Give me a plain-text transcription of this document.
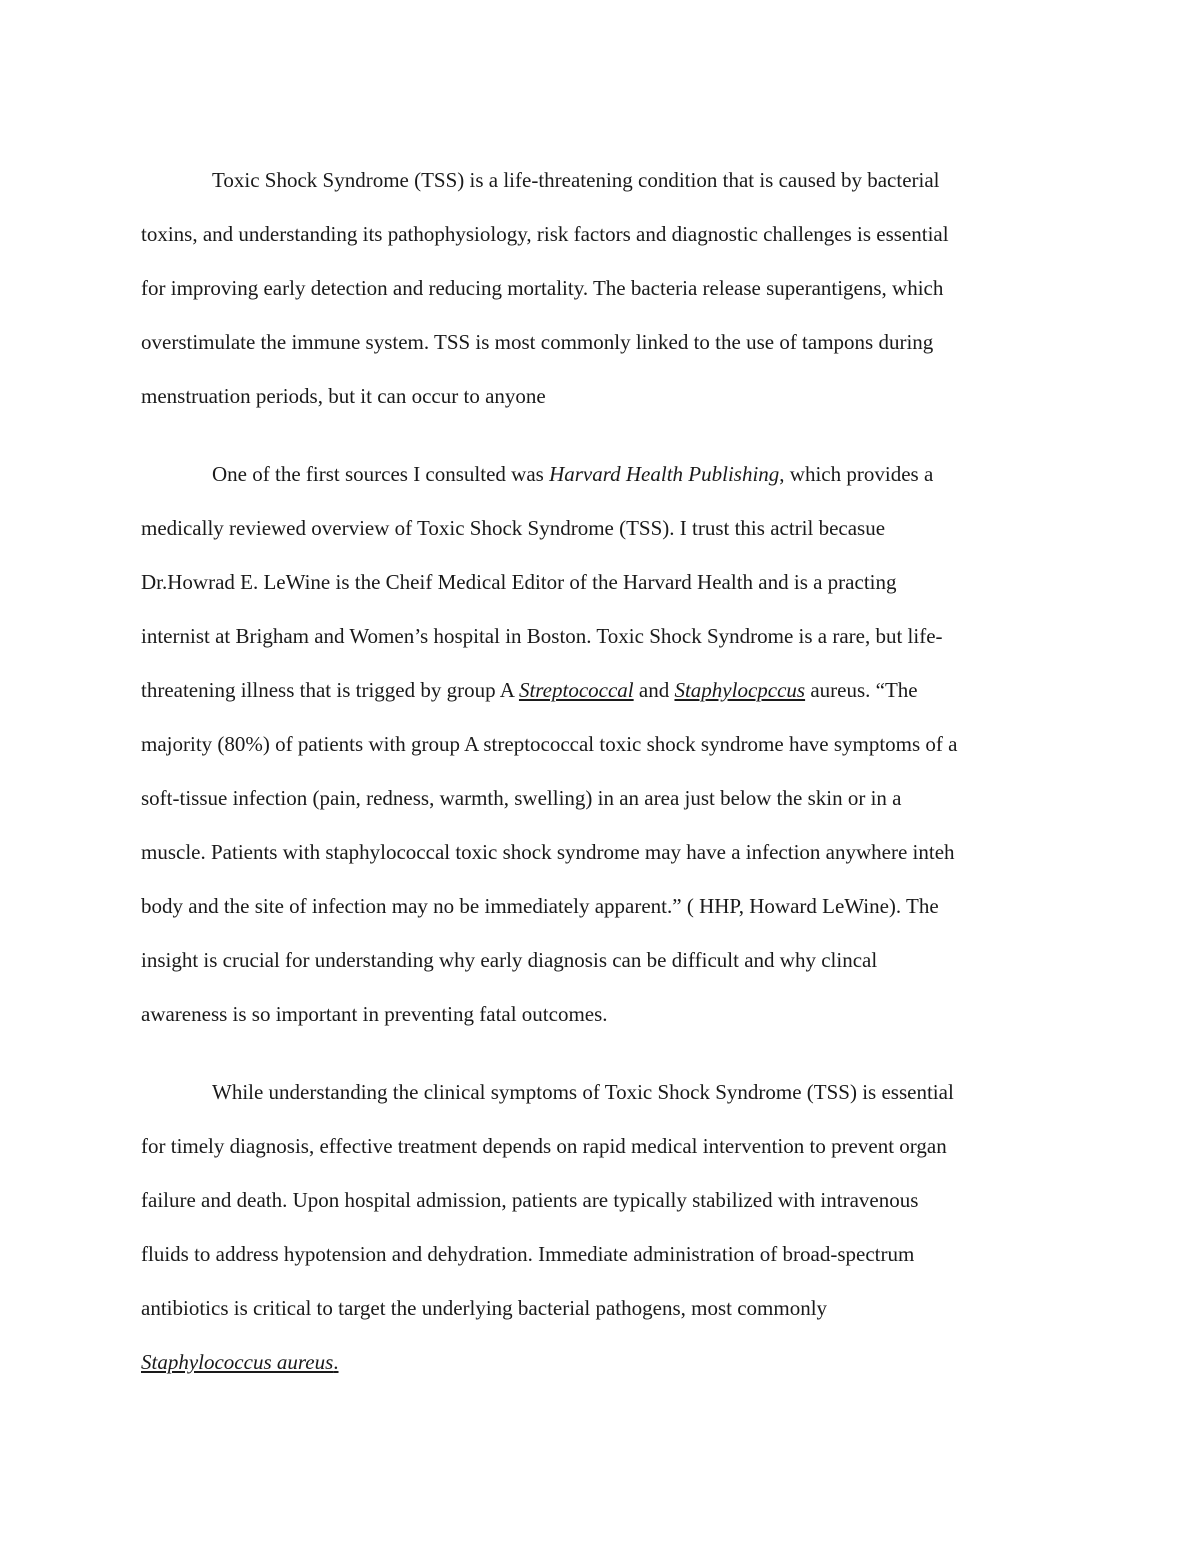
Toxic Shock Syndrome (TSS) is a life-threatening condition that is caused by bacterial
toxins, and understanding its pathophysiology, risk factors and diagnostic challenges is essential
for improving early detection and reducing mortality. The bacteria release superantigens, which
overstimulate the immune system. TSS is most commonly linked to the use of tampons during
menstruation periods, but it can occur to anyone
One of the first sources I consulted was Harvard Health Publishing, which provides a
medically reviewed overview of Toxic Shock Syndrome (TSS). I trust this actril becasue
Dr.Howrad E. LeWine is the Cheif Medical Editor of the Harvard Health and is a practing
internist at Brigham and Women’s hospital in Boston. Toxic Shock Syndrome is a rare, but life-
threatening illness that is trigged by group A Streptococcal and Staphylocpccus aureus. “The
majority (80%) of patients with group A streptococcal toxic shock syndrome have symptoms of a
soft-tissue infection (pain, redness, warmth, swelling) in an area just below the skin or in a
muscle. Patients with staphylococcal toxic shock syndrome may have a infection anywhere inteh
body and the site of infection may no be immediately apparent.” ( HHP, Howard LeWine). The
insight is crucial for understanding why early diagnosis can be difficult and why clincal
awareness is so important in preventing fatal outcomes.
While understanding the clinical symptoms of Toxic Shock Syndrome (TSS) is essential
for timely diagnosis, effective treatment depends on rapid medical intervention to prevent organ
failure and death. Upon hospital admission, patients are typically stabilized with intravenous
fluids to address hypotension and dehydration. Immediate administration of broad-spectrum
antibiotics is critical to target the underlying bacterial pathogens, most commonly
Staphylococcus aureus.
